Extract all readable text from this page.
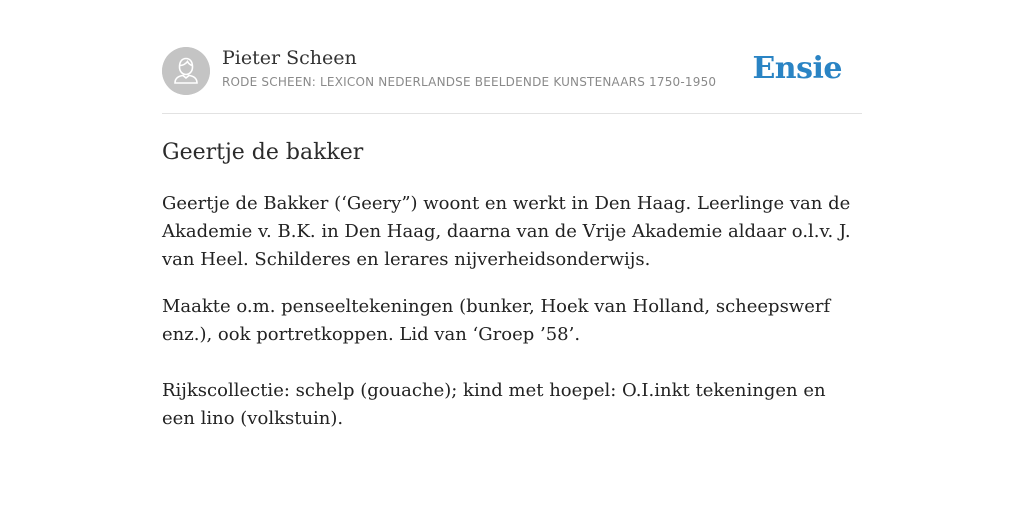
Pieter Scheen
RODE SCHEEN: LEXICON NEDERLANDSE BEELDENDE KUNSTENAARS 1750-1950 Ensie
Geertje de bakker

Geertje de Bakker (‘Geery”) woont en werkt in Den Haag. Leerlinge van de Akademie v. B.K. in Den Haag, daarna van de Vrije Akademie aldaar o.l.v. J. van Heel. Schilderes en lerares nijverheidsonderwijs.

Maakte o.m. penseeltekeningen (bunker, Hoek van Holland, scheepswerf enz.), ook portretkoppen. Lid van ‘Groep ’58’.

Rijkscollectie: schelp (gouache); kind met hoepel: O.I.inkt tekeningen en een lino (volkstuin).
